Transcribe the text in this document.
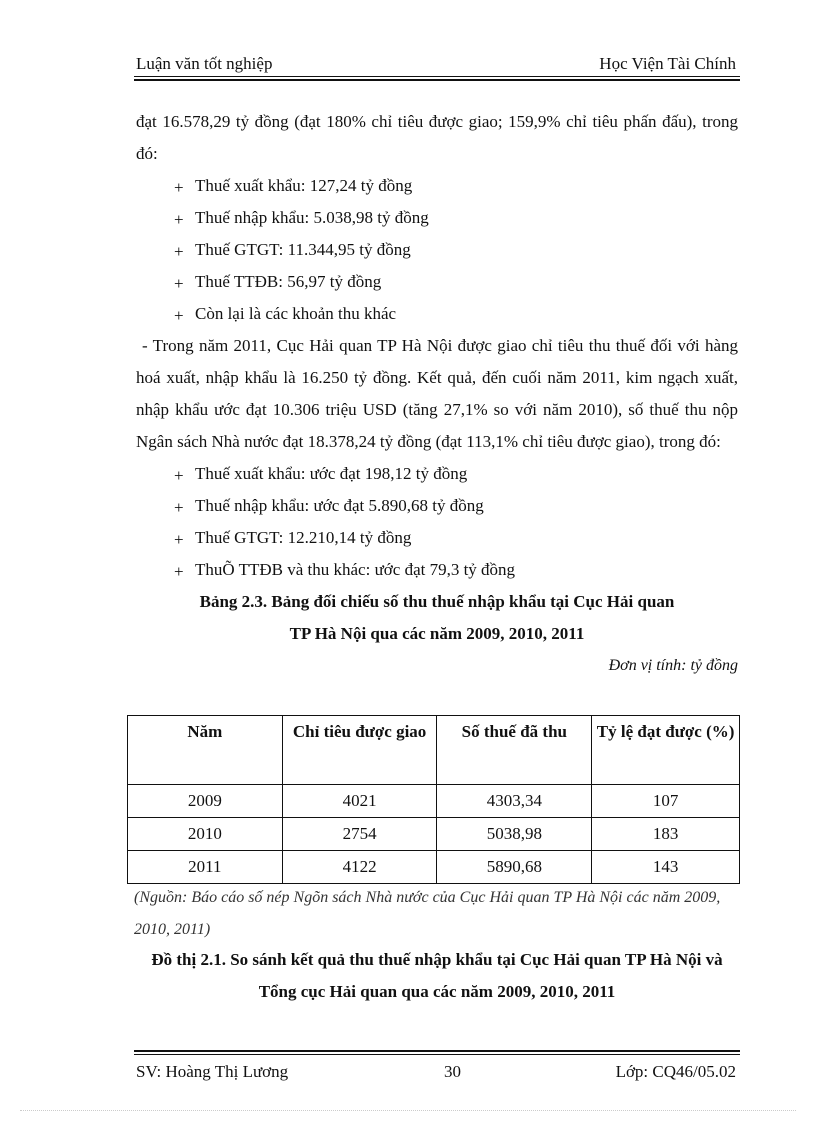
Luận văn tốt nghiệp	Học Viện Tài Chính

đạt 16.578,29 tỷ đồng (đạt 180% chỉ tiêu được giao; 159,9% chỉ tiêu phấn đấu), trong đó:

+ Thuế xuất khẩu: 127,24 tỷ đồng
+ Thuế nhập khẩu: 5.038,98 tỷ đồng
+ Thuế GTGT: 11.344,95 tỷ đồng
+ Thuế TTĐB: 56,97 tỷ đồng
+ Còn lại là các khoản thu khác

- Trong năm 2011, Cục Hải quan TP Hà Nội được giao chỉ tiêu thu thuế đối với hàng hoá xuất, nhập khẩu là 16.250 tỷ đồng. Kết quả, đến cuối năm 2011, kim ngạch xuất, nhập khẩu ước đạt 10.306 triệu USD (tăng 27,1% so với năm 2010), số thuế thu nộp Ngân sách Nhà nước đạt 18.378,24 tỷ đồng (đạt 113,1% chỉ tiêu được giao), trong đó:

+ Thuế xuất khẩu: ước đạt 198,12 tỷ đồng
+ Thuế nhập khẩu: ước đạt 5.890,68 tỷ đồng
+ Thuế GTGT: 12.210,14 tỷ đồng
+ ThuÕ TTĐB và thu khác: ước đạt 79,3 tỷ đồng
Bảng 2.3. Bảng đối chiếu số thu thuế nhập khẩu tại Cục Hải quan
TP Hà Nội qua các năm 2009, 2010, 2011
Đơn vị tính: tỷ đồng
Năm	Chỉ tiêu được giao	Số thuế đã thu	Tỷ lệ đạt được (%)
2009	4021	4303,34	107
2010	2754	5038,98	183
2011	4122	5890,68	143
(Nguồn: Báo cáo số nép Ngõn sách Nhà nước của Cục Hải quan TP Hà Nội các năm 2009, 2010, 2011)
Đồ thị 2.1. So sánh kết quả thu thuế nhập khẩu tại Cục Hải quan TP Hà Nội và Tổng cục Hải quan qua các năm 2009, 2010, 2011
SV: Hoàng Thị Lương	30	Lớp: CQ46/05.02
